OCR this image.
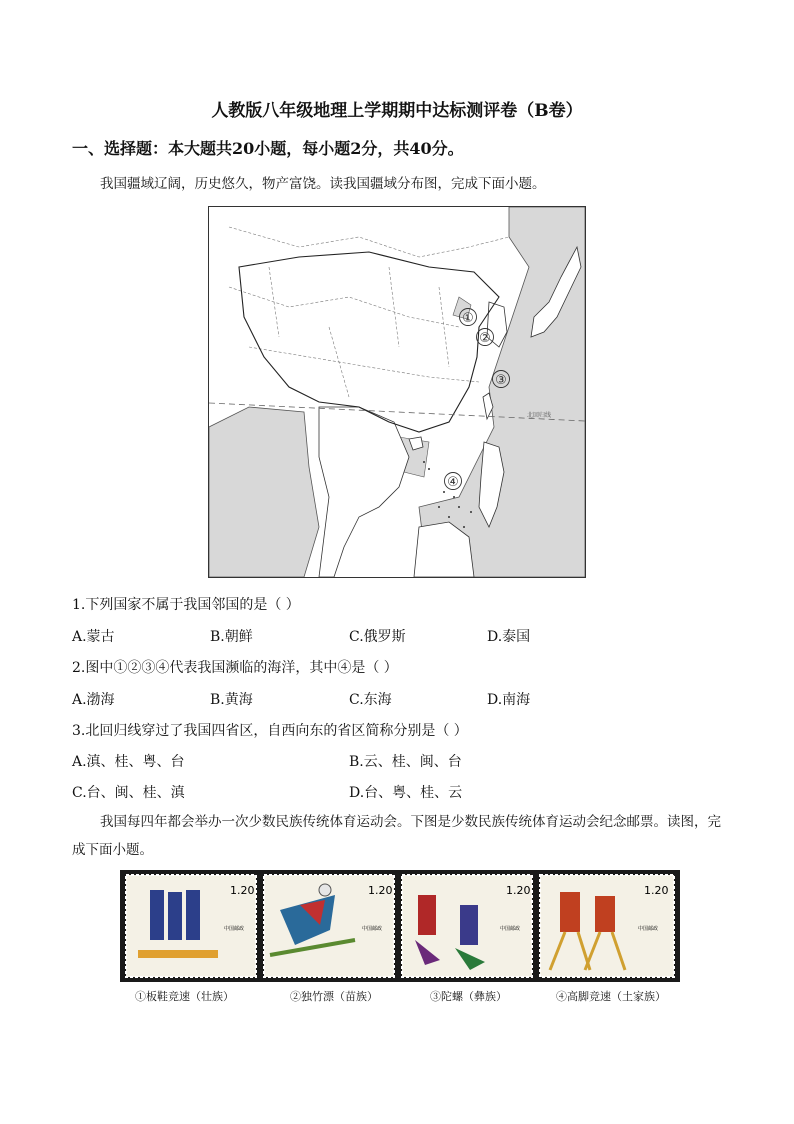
人教版八年级地理上学期期中达标测评卷（B卷）
一、选择题：本大题共20小题，每小题2分，共40分。
我国疆域辽阔，历史悠久，物产富饶。读我国疆域分布图，完成下面小题。
北回归线
①
②
③
④
1.下列国家不属于我国邻国的是（ ）
A.蒙古	B.朝鲜	C.俄罗斯	D.泰国
2.图中①②③④代表我国濒临的海洋，其中④是（ ）
A.渤海	B.黄海	C.东海	D.南海
3.北回归线穿过了我国四省区，自西向东的省区简称分别是（ ）
A.滇、桂、粤、台	B.云、桂、闽、台
C.台、闽、桂、滇	D.台、粤、桂、云
我国每四年都会举办一次少数民族传统体育运动会。下图是少数民族传统体育运动会纪念邮票。读图，完成下面小题。
1.20
中国邮政
1.20
中国邮政
1.20
中国邮政
1.20
中国邮政
①板鞋竞速（壮族）	②独竹漂（苗族）	③陀螺（彝族）	④高脚竞速（土家族）
